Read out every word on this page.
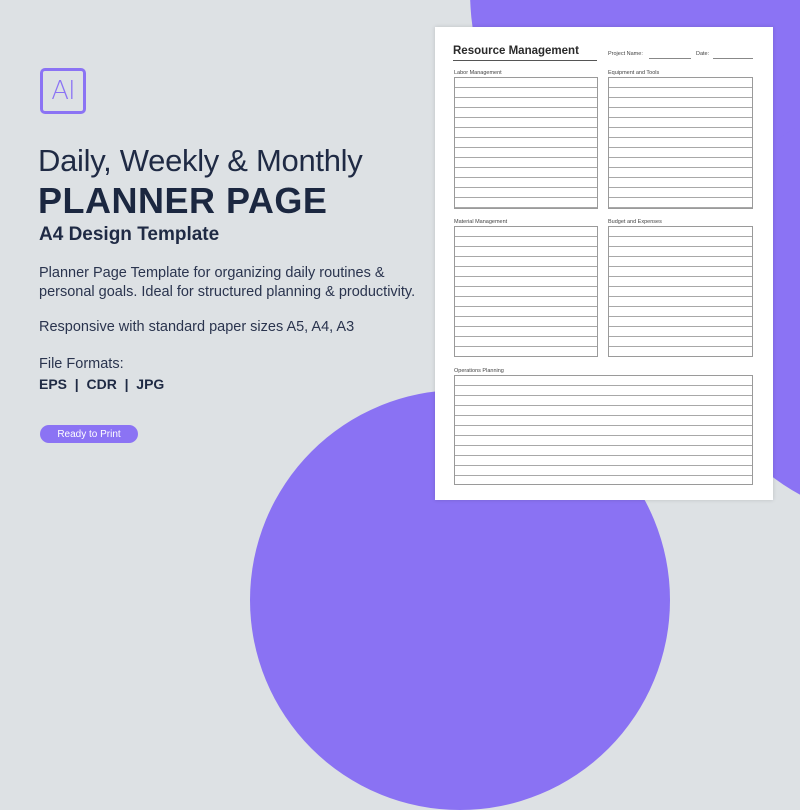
AI
Daily, Weekly & Monthly
PLANNER PAGE
A4 Design Template
Planner Page Template for organizing daily routines & personal goals. Ideal for structured planning & productivity.
Responsive with standard paper sizes A5, A4, A3
File Formats:
EPS  |  CDR  |  JPG
Ready to Print
Resource Management	Project Name:	Date:
Labor Management	Equipment and Tools
Material Management	Budget and Expenses
Operations Planning
